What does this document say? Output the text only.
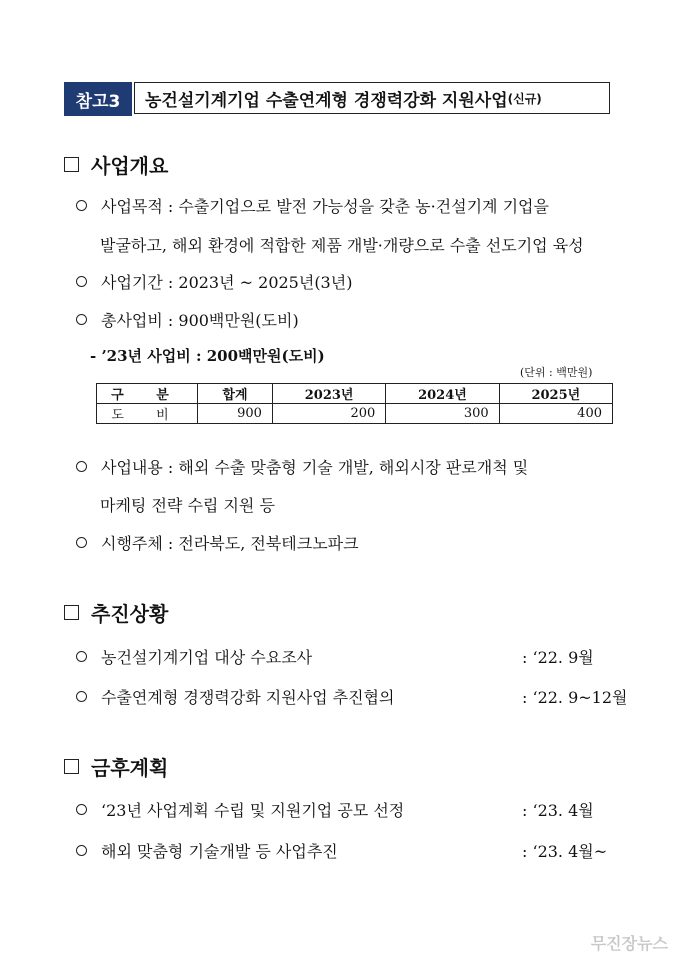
참고3	농건설기계기업 수출연계형 경쟁력강화 지원사업 (신규)
사업개요
사업목적 : 수출기업으로 발전 가능성을 갖춘 농·건설기계 기업을
발굴하고, 해외 환경에 적합한 제품 개발·개량으로 수출 선도기업 육성
사업기간 : 2023년 ~ 2025년(3년)
총사업비 : 900백만원(도비)
- ’23년 사업비 : 200백만원(도비)
(단위 : 백만원)
구 분	합계	2023년	2024년	2025년
도 비	900	200	300	400
사업내용 : 해외 수출 맞춤형 기술 개발, 해외시장 판로개척 및
마케팅 전략 수립 지원 등
시행주체 : 전라북도, 전북테크노파크
추진상황
농건설기계기업 대상 수요조사	: ‘22. 9월
수출연계형 경쟁력강화 지원사업 추진협의	: ‘22. 9~12월
금후계획
‘23년 사업계획 수립 및 지원기업 공모 선정	: ‘23. 4월
해외 맞춤형 기술개발 등 사업추진	: ‘23. 4월~
무진장뉴스
